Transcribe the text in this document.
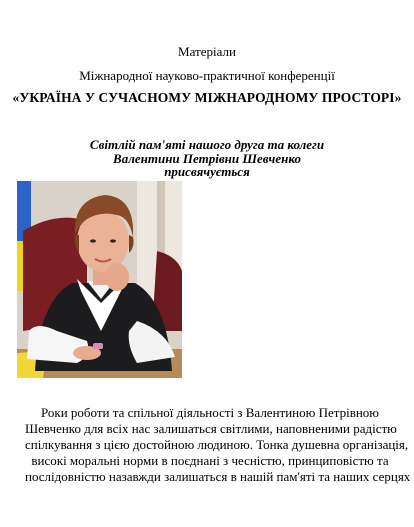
Матеріали
Міжнародної науково-практичної конференції
«УКРАЇНА У СУЧАСНОМУ МІЖНАРОДНОМУ ПРОСТОРІ»
Світлій пам'яті нашого друга та колеги
Валентини Петрівни Шевченко
присвячується
Роки роботи та спільної діяльності з Валентиною Петрівною
Шевченко для всіх нас залишаться світлими, наповненими радістю
спілкування з цією достойною людиною. Тонка душевна організація,
високі моральні норми в поєднані з чесністю, принциповістю та
послідовністю назавжди залишаться в нашій пам'яті та наших серцях
